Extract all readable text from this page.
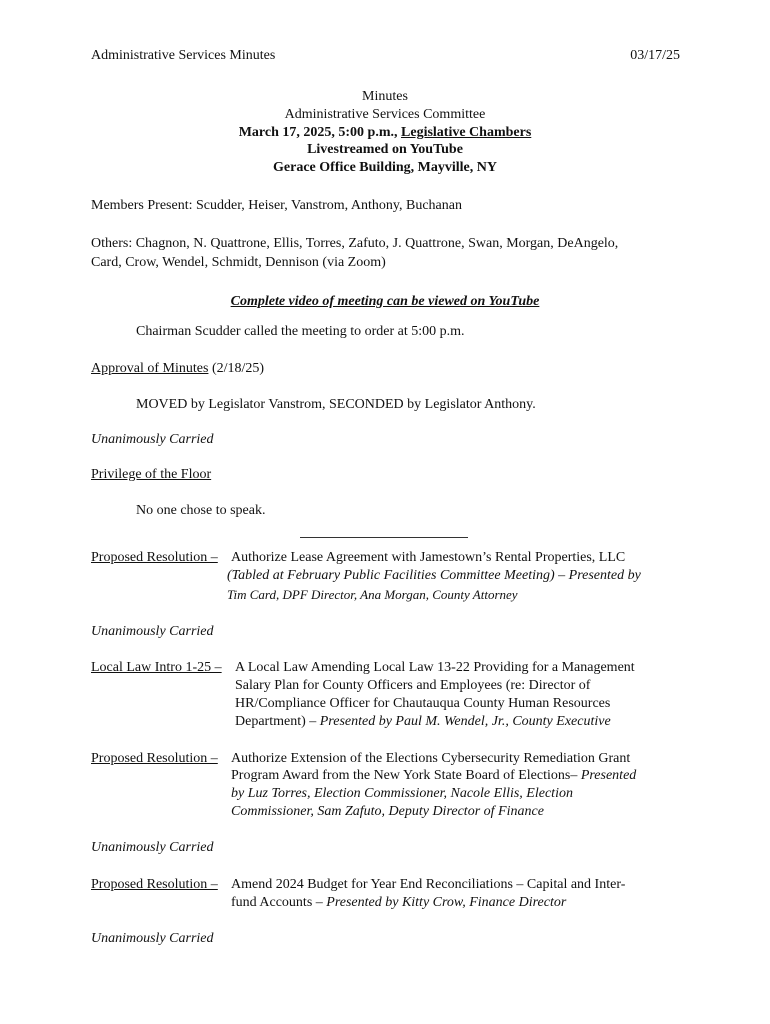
Administrative Services Minutes	03/17/25
Minutes
Administrative Services Committee
March 17, 2025, 5:00 p.m., Legislative Chambers
Livestreamed on YouTube
Gerace Office Building, Mayville, NY
Members Present: Scudder, Heiser, Vanstrom, Anthony, Buchanan
Others: Chagnon, N. Quattrone, Ellis, Torres, Zafuto, J. Quattrone, Swan, Morgan, DeAngelo,
Card, Crow, Wendel, Schmidt, Dennison (via Zoom)
Complete video of meeting can be viewed on YouTube
Chairman Scudder called the meeting to order at 5:00 p.m.
Approval of Minutes (2/18/25)
MOVED by Legislator Vanstrom, SECONDED by Legislator Anthony.
Unanimously Carried
Privilege of the Floor
No one chose to speak.
Proposed Resolution – Authorize Lease Agreement with Jamestown’s Rental Properties, LLC
(Tabled at February Public Facilities Committee Meeting) – Presented by
Tim Card, DPF Director, Ana Morgan, County Attorney
Unanimously Carried
Local Law Intro 1-25 – A Local Law Amending Local Law 13-22 Providing for a Management
Salary Plan for County Officers and Employees (re: Director of
HR/Compliance Officer for Chautauqua County Human Resources
Department) – Presented by Paul M. Wendel, Jr., County Executive
Proposed Resolution – Authorize Extension of the Elections Cybersecurity Remediation Grant
Program Award from the New York State Board of Elections– Presented
by Luz Torres, Election Commissioner, Nacole Ellis, Election
Commissioner, Sam Zafuto, Deputy Director of Finance
Unanimously Carried
Proposed Resolution – Amend 2024 Budget for Year End Reconciliations – Capital and Inter-
fund Accounts – Presented by Kitty Crow, Finance Director
Unanimously Carried
